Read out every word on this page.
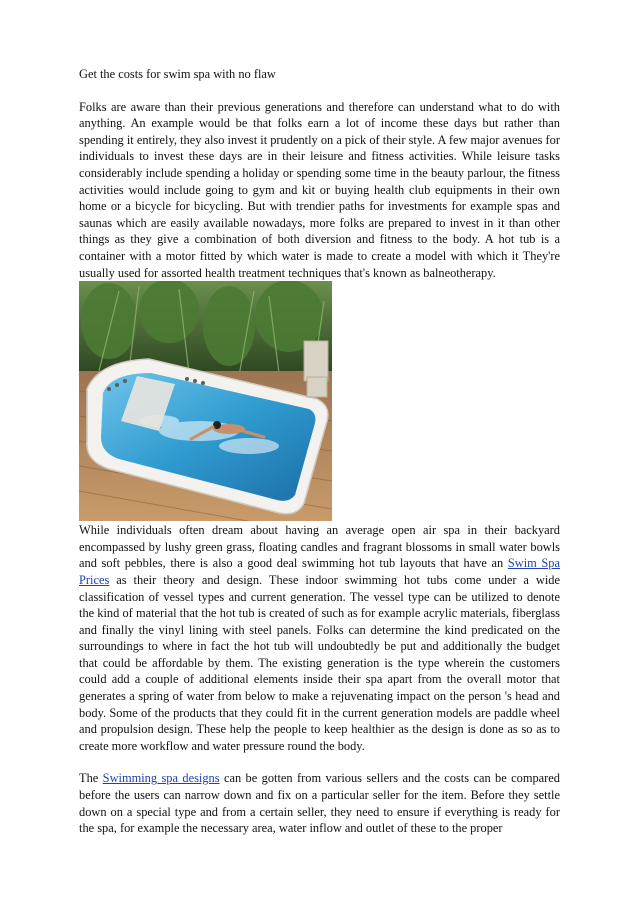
Get the costs for swim spa with no flaw

Folks are aware than their previous generations and therefore can understand what to do with anything. An example would be that folks earn a lot of income these days but rather than spending it entirely, they also invest it prudently on a pick of their style. A few major avenues for individuals to invest these days are in their leisure and fitness activities. While leisure tasks considerably include spending a holiday or spending some time in the beauty parlour, the fitness activities would include going to gym and kit or buying health club equipments in their own home or a bicycle for bicycling. But with trendier paths for investments for example spas and saunas which are easily available nowadays, more folks are prepared to invest in it than other things as they give a combination of both diversion and fitness to the body. A hot tub is a container with a motor fitted by which water is made to create a model with which it They're usually used for assorted health treatment techniques that's known as balneotherapy.

While individuals often dream about having an average open air spa in their backyard encompassed by lushy green grass, floating candles and fragrant blossoms in small water bowls and soft pebbles, there is also a good deal swimming hot tub layouts that have an Swim Spa Prices as their theory and design. These indoor swimming hot tubs come under a wide classification of vessel types and current generation. The vessel type can be utilized to denote the kind of material that the hot tub is created of such as for example acrylic materials, fiberglass and finally the vinyl lining with steel panels. Folks can determine the kind predicated on the surroundings to where in fact the hot tub will undoubtedly be put and additionally the budget that could be affordable by them. The existing generation is the type wherein the customers could add a couple of additional elements inside their spa apart from the overall motor that generates a spring of water from below to make a rejuvenating impact on the person 's head and body. Some of the products that they could fit in the current generation models are paddle wheel and propulsion design. These help the people to keep healthier as the design is done as so as to create more workflow and water pressure round the body.

The Swimming spa designs can be gotten from various sellers and the costs can be compared before the users can narrow down and fix on a particular seller for the item. Before they settle down on a special type and from a certain seller, they need to ensure if everything is ready for the spa, for example the necessary area, water inflow and outlet of these to the proper
